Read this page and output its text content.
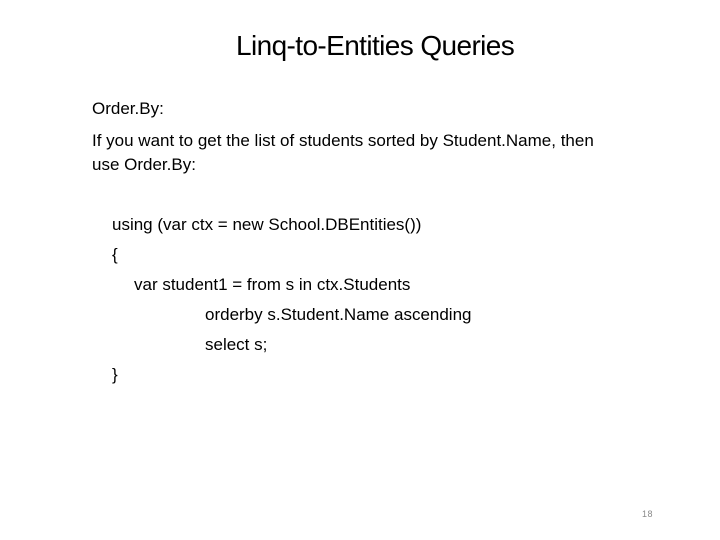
Linq-to-Entities Queries
Order.By:
If you want to get the list of students sorted by Student.Name, then
use Order.By:
using (var ctx = new School.DBEntities())
{
var student1 = from s in ctx.Students
orderby s.Student.Name ascending
select s;
}
18
